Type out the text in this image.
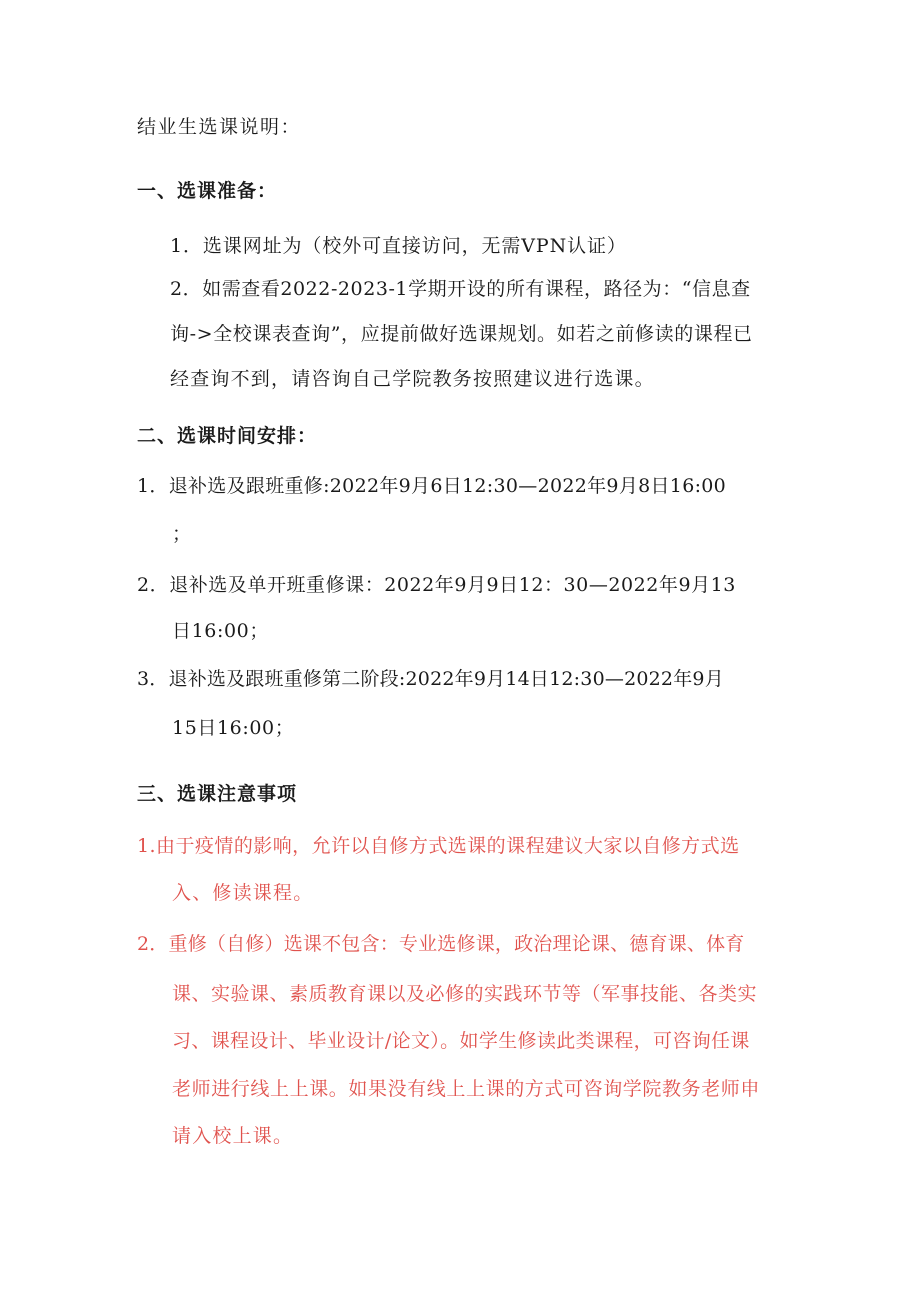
结业生选课说明：
一、选课准备：
1．选课网址为（校外可直接访问，无需VPN认证）
2．如需查看2022-2023-1学期开设的所有课程，路径为：“信息查
询->全校课表查询”，应提前做好选课规划。如若之前修读的课程已
经查询不到，请咨询自己学院教务按照建议进行选课。
二、选课时间安排：
1．退补选及跟班重修:2022年9月6日12:30—2022年9月8日16:00
；
2．退补选及单开班重修课：2022年9月9日12：30—2022年9月13
日16:00；
3．退补选及跟班重修第二阶段:2022年9月14日12:30—2022年9月
15日16:00；
三、选课注意事项
1.由于疫情的影响，允许以自修方式选课的课程建议大家以自修方式选
入、修读课程。
2．重修（自修）选课不包含：专业选修课，政治理论课、德育课、体育
课、实验课、素质教育课以及必修的实践环节等（军事技能、各类实
习、课程设计、毕业设计/论文）。如学生修读此类课程，可咨询任课
老师进行线上上课。如果没有线上上课的方式可咨询学院教务老师申
请入校上课。
